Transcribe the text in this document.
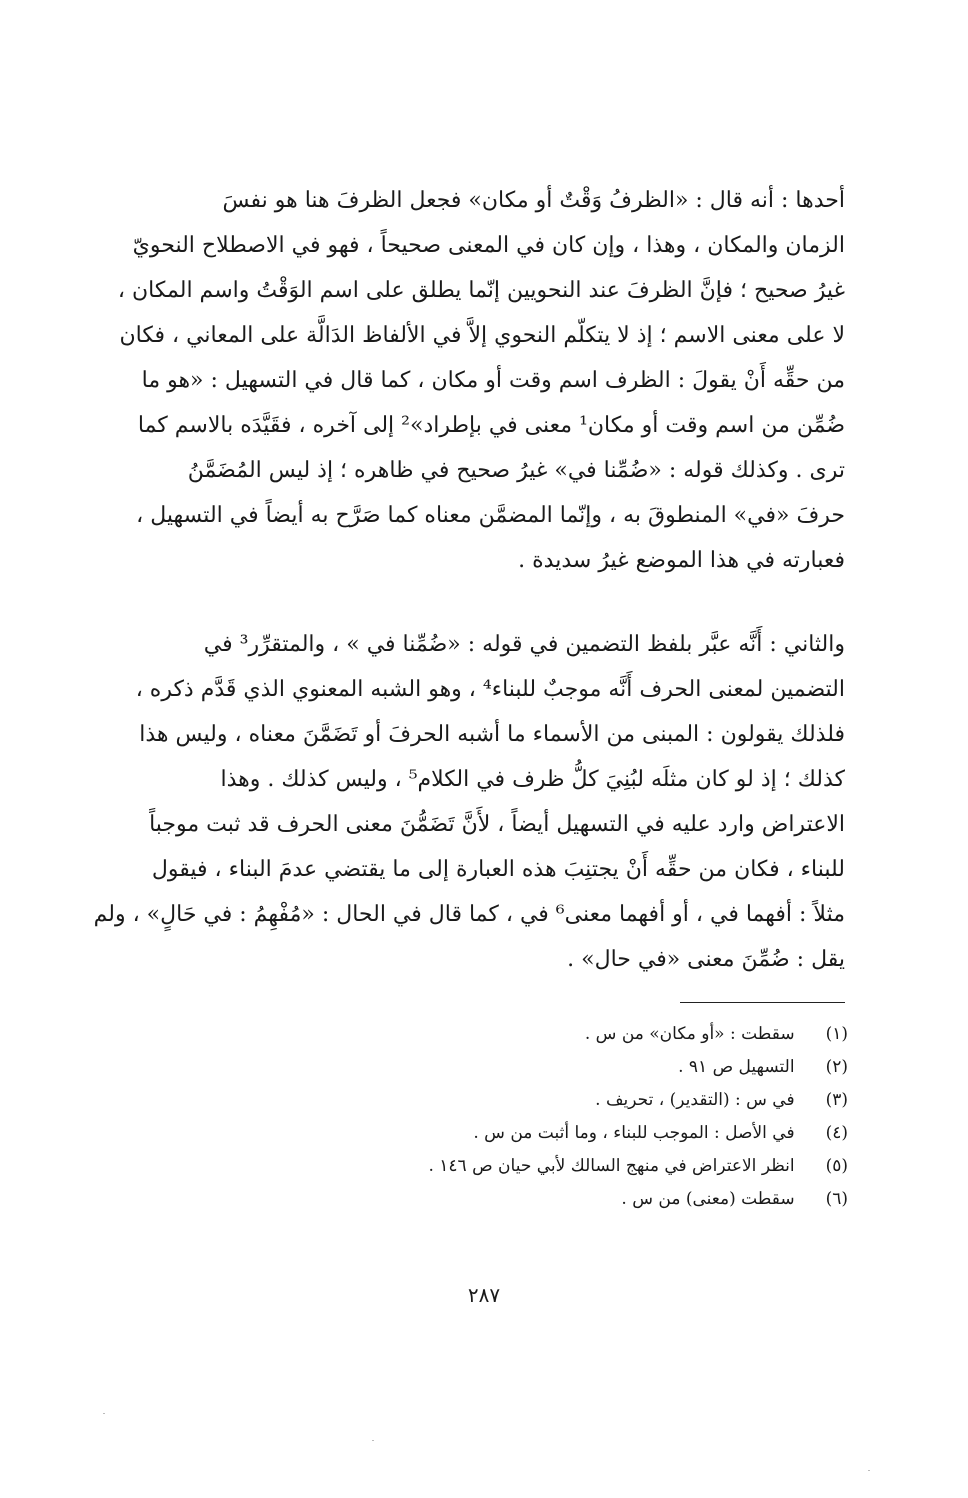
أحدها : أنه قال : «الظرفُ وَقْتٌ أو مكان» فجعل الظرفَ هنا هو نفسَ
الزمان والمكان ، وهذا ، وإن كان في المعنى صحيحاً ، فهو في الاصطلاح النحويّ
غيرُ صحيح ؛ فإنَّ الظرفَ عند النحويين إنّما يطلق على اسم الوَقْتُ واسم المكان ،
لا على معنى الاسم ؛ إذ لا يتكلّم النحوي إلاَّ في الألفاظ الدَالَّة على المعاني ، فكان
من حقِّه أَنْ يقولَ : الظرف اسم وقت أو مكان ، كما قال في التسهيل : «هو ما
ضُمِّن من اسم وقت أو مكان¹ معنى في بإطراد»² إلى آخره ، فقَيَّدَه بالاسم كما
ترى . وكذلك قوله : «ضُمِّنا في» غيرُ صحيح في ظاهره ؛ إذ ليس المُضَمَّنُ
حرفَ «في» المنطوقَ به ، وإنّما المضمَّن معناه كما صَرَّح به أيضاً في التسهيل ،
فعبارته في هذا الموضع غيرُ سديدة .
والثاني : أَنَّه عبَّر بلفظ التضمين في قوله : «ضُمِّنا في » ، والمتقرِّر³ في
التضمين لمعنى الحرف أَنَّه موجبٌ للبناء⁴ ، وهو الشبه المعنوي الذي قَدَّم ذكره ،
فلذلك يقولون : المبنى من الأسماء ما أشبه الحرفَ أو تَضَمَّنَ معناه ، وليس هذا
كذلك ؛ إذ لو كان مثلَه لبُنِيَ كلُّ ظرف في الكلام⁵ ، وليس كذلك . وهذا
الاعتراض وارد عليه في التسهيل أيضاً ، لأَنَّ تَضَمُّنَ معنى الحرف قد ثبت موجباً
للبناء ، فكان من حقِّه أَنْ يجتنِبَ هذه العبارة إلى ما يقتضي عدمَ البناء ، فيقول
مثلاً : أفهما في ، أو أفهما معنى⁶ في ، كما قال في الحال : «مُفْهِمُ : في حَالٍ» ، ولم
يقل : ضُمِّنَ معنى «في حال» .
(١) سقطت : «أو مكان» من س .
(٢) التسهيل ص ٩١ .
(٣) في س : (التقدير) ، تحريف .
(٤) في الأصل : الموجب للبناء ، وما أثبت من س .
(٥) انظر الاعتراض في منهج السالك لأبي حيان ص ١٤٦ .
(٦) سقطت (معنى) من س .
٢٨٧
